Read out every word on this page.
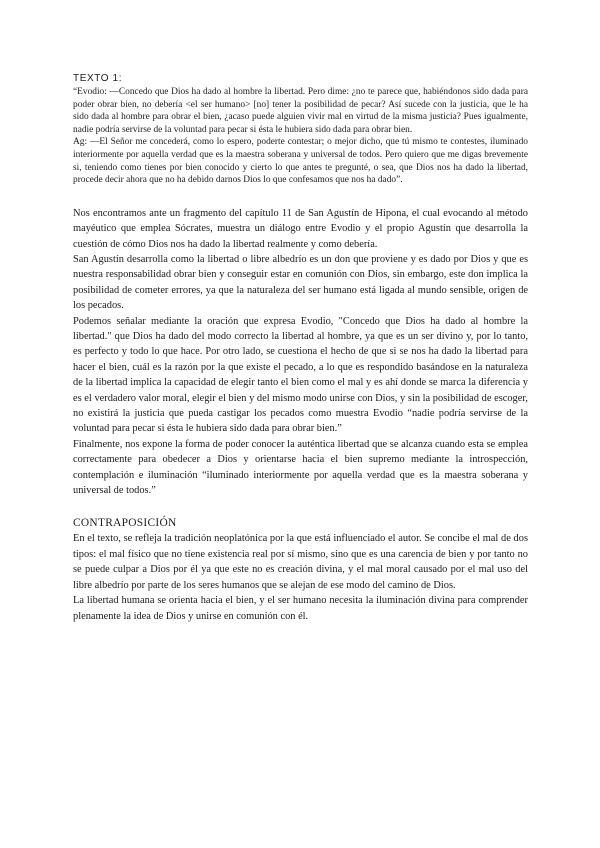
TEXTO 1:

“Evodio: —Concedo que Dios ha dado al hombre la libertad. Pero dime: ¿no te parece que, habiéndonos sido dada para poder obrar bien, no debería <el ser humano> [no] tener la posibilidad de pecar? Así sucede con la justicia, que le ha sido dada al hombre para obrar el bien, ¿acaso puede alguien vivir mal en virtud de la misma justicia? Pues igualmente, nadie podría servirse de la voluntad para pecar si ésta le hubiera sido dada para obrar bien.

Ag: —El Señor me concederá, como lo espero, poderte contestar; o mejor dicho, que tú mismo te contestes, iluminado interiormente por aquella verdad que es la maestra soberana y universal de todos. Pero quiero que me digas brevemente si, teniendo como tienes por bien conocido y cierto lo que antes te pregunté, o sea, que Dios nos ha dado la libertad, procede decir ahora que no ha debido darnos Dios lo que confesamos que nos ha dado”.

Nos encontramos ante un fragmento del capítulo 11 de San Agustín de Hipona, el cual evocando al método mayéutico que emplea Sócrates, muestra un diálogo entre Evodio y el propio Agustín que desarrolla la cuestión de cómo Dios nos ha dado la libertad realmente y como debería.

San Agustín desarrolla como la libertad o libre albedrío es un don que proviene y es dado por Dios y que es nuestra responsabilidad obrar bien y conseguir estar en comunión con Dios, sin embargo, este don implica la posibilidad de cometer errores, ya que la naturaleza del ser humano está ligada al mundo sensible, origen de los pecados.

Podemos señalar mediante la oración que expresa Evodio, "Concedo que Dios ha dado al hombre la libertad." que Dios ha dado del modo correcto la libertad al hombre, ya que es un ser divino y, por lo tanto, es perfecto y todo lo que hace. Por otro lado, se cuestiona el hecho de que si se nos ha dado la libertad para hacer el bien, cuál es la razón por la que existe el pecado, a lo que es respondido basándose en la naturaleza de la libertad implica la capacidad de elegir tanto el bien como el mal y es ahí donde se marca la diferencia y es el verdadero valor moral, elegir el bien y del mismo modo unirse con Dios, y sin la posibilidad de escoger, no existirá la justicia que pueda castigar los pecados como muestra Evodio “nadie podría servirse de la voluntad para pecar si ésta le hubiera sido dada para obrar bien.”

Finalmente, nos expone la forma de poder conocer la auténtica libertad que se alcanza cuando esta se emplea correctamente para obedecer a Dios y orientarse hacia el bien supremo mediante la introspección, contemplación e iluminación “iluminado interiormente por aquella verdad que es la maestra soberana y universal de todos.”

CONTRAPOSICIÓN

En el texto, se refleja la tradición neoplatónica por la que está influenciado el autor. Se concibe el mal de dos tipos: el mal físico que no tiene existencia real por sí mismo, sino que es una carencia de bien y por tanto no se puede culpar a Dios por él ya que este no es creación divina, y el mal moral causado por el mal uso del libre albedrío por parte de los seres humanos que se alejan de ese modo del camino de Dios.

La libertad humana se orienta hacia el bien, y el ser humano necesita la iluminación divina para comprender plenamente la idea de Dios y unirse en comunión con él.
